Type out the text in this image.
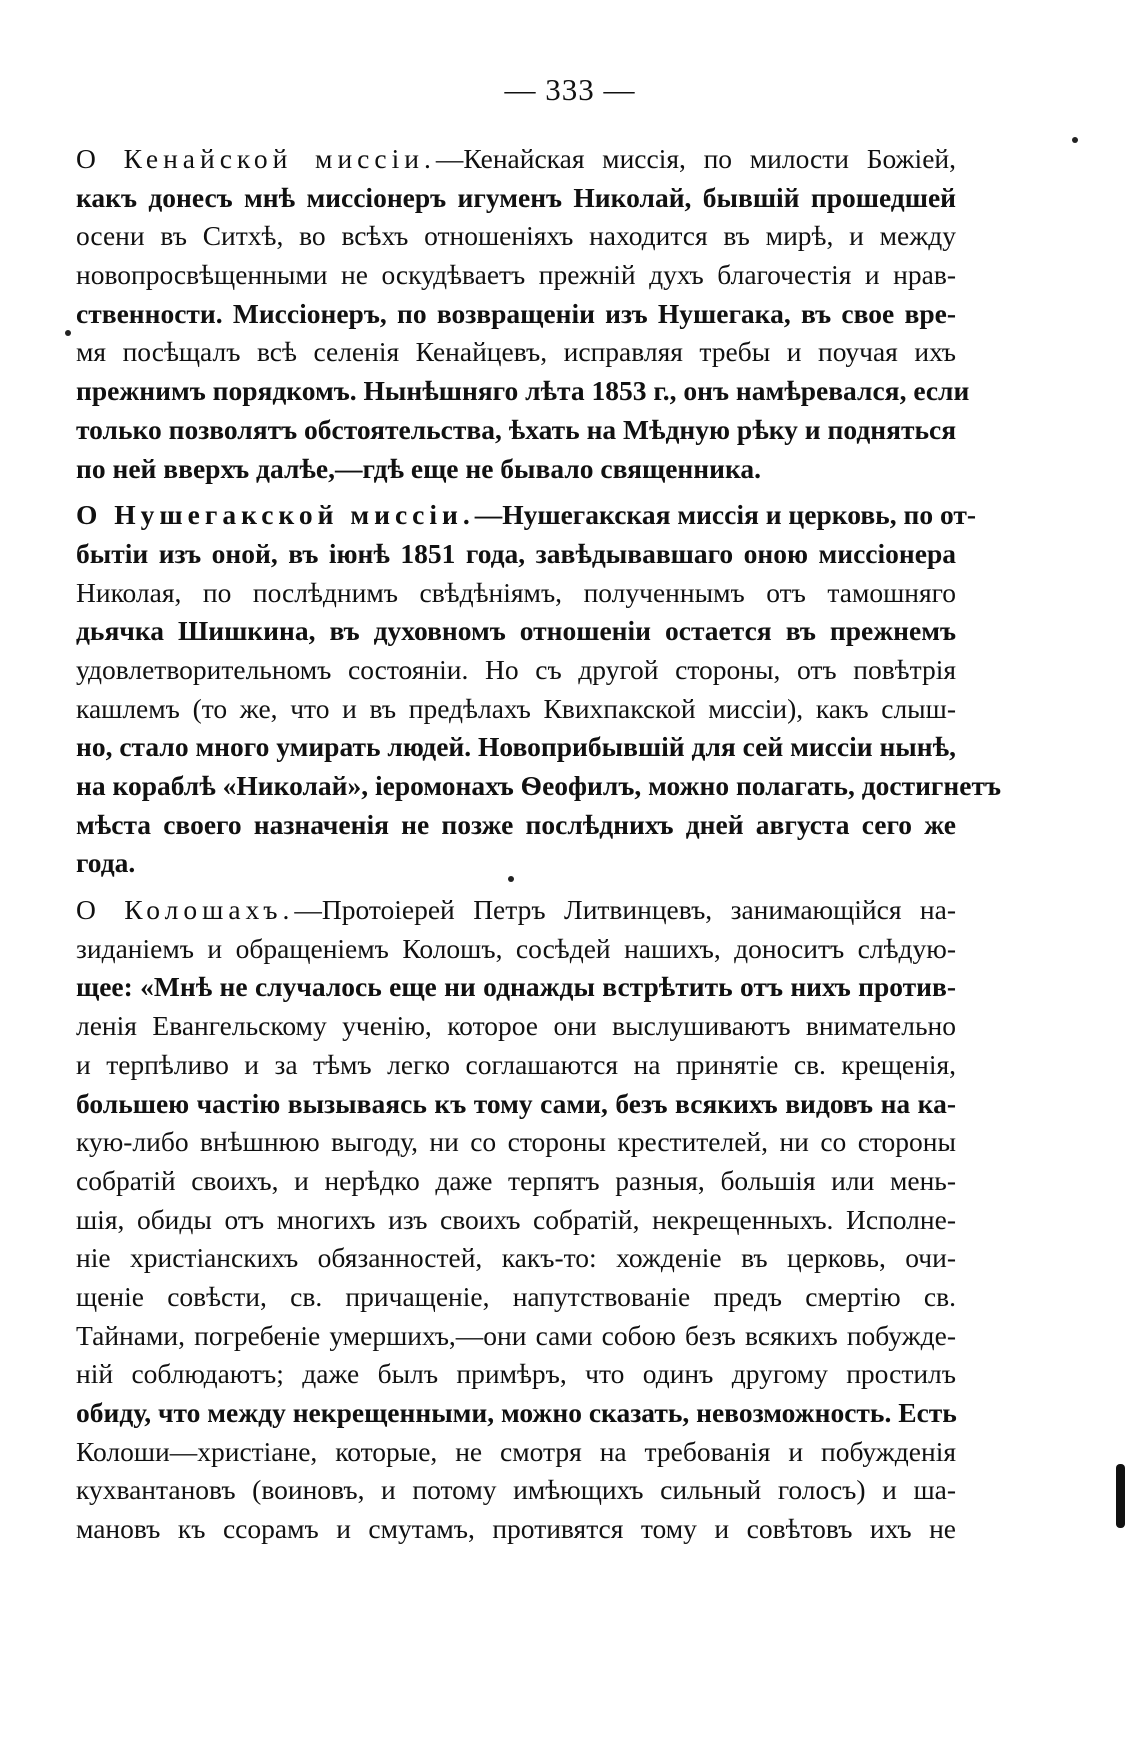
— 333 —
О Кенайской миссіи.—Кенайская миссія, по милости Божіей,
какъ донесъ мнѣ миссіонеръ игуменъ Николай, бывшій прошедшей
осени въ Ситхѣ, во всѣхъ отношеніяхъ находится въ мирѣ, и между
новопросвѣщенными не оскудѣваетъ прежній духъ благочестія и нрав-
ственности. Миссіонеръ, по возвращеніи изъ Нушегака, въ свое вре-
мя посѣщалъ всѣ селенія Кенайцевъ, исправляя требы и поучая ихъ
прежнимъ порядкомъ. Нынѣшняго лѣта 1853 г., онъ намѣревался, если
только позволятъ обстоятельства, ѣхать на Мѣдную рѣку и подняться
по ней вверхъ далѣе,—гдѣ еще не бывало священника.
О Нушегакской миссіи.—Нушегакская миссія и церковь, по от-
бытіи изъ оной, въ іюнѣ 1851 года, завѣдывавшаго оною миссіонера
Николая, по послѣднимъ свѣдѣніямъ, полученнымъ отъ тамошняго
дьячка Шишкина, въ духовномъ отношеніи остается въ прежнемъ
удовлетворительномъ состояніи. Но съ другой стороны, отъ повѣтрія
кашлемъ (то же, что и въ предѣлахъ Квихпакской миссіи), какъ слыш-
но, стало много умирать людей. Новоприбывшій для сей миссіи нынѣ,
на кораблѣ «Николай», іеромонахъ Ѳеофилъ, можно полагать, достигнетъ
мѣста своего назначенія не позже послѣднихъ дней августа сего же
года.
О Колошахъ.—Протоіерей Петръ Литвинцевъ, занимающійся на-
зиданіемъ и обращеніемъ Колошъ, сосѣдей нашихъ, доноситъ слѣдую-
щее: «Мнѣ не случалось еще ни однажды встрѣтить отъ нихъ против-
ленія Евангельскому ученію, которое они выслушиваютъ внимательно
и терпѣливо и за тѣмъ легко соглашаются на принятіе св. крещенія,
большею частію вызываясь къ тому сами, безъ всякихъ видовъ на ка-
кую-либо внѣшнюю выгоду, ни со стороны крестителей, ни со стороны
собратій своихъ, и нерѣдко даже терпятъ разныя, большія или мень-
шія, обиды отъ многихъ изъ своихъ собратій, некрещенныхъ. Исполне-
ніе христіанскихъ обязанностей, какъ-то: хожденіе въ церковь, очи-
щеніе совѣсти, св. причащеніе, напутствованіе предъ смертію св.
Тайнами, погребеніе умершихъ,—они сами собою безъ всякихъ побужде-
ній соблюдаютъ; даже былъ примѣръ, что одинъ другому простилъ
обиду, что между некрещенными, можно сказать, невозможность. Есть
Колоши—христіане, которые, не смотря на требованія и побужденія
кухвантановъ (воиновъ, и потому имѣющихъ сильный голосъ) и ша-
мановъ къ ссорамъ и смутамъ, противятся тому и совѣтовъ ихъ не
